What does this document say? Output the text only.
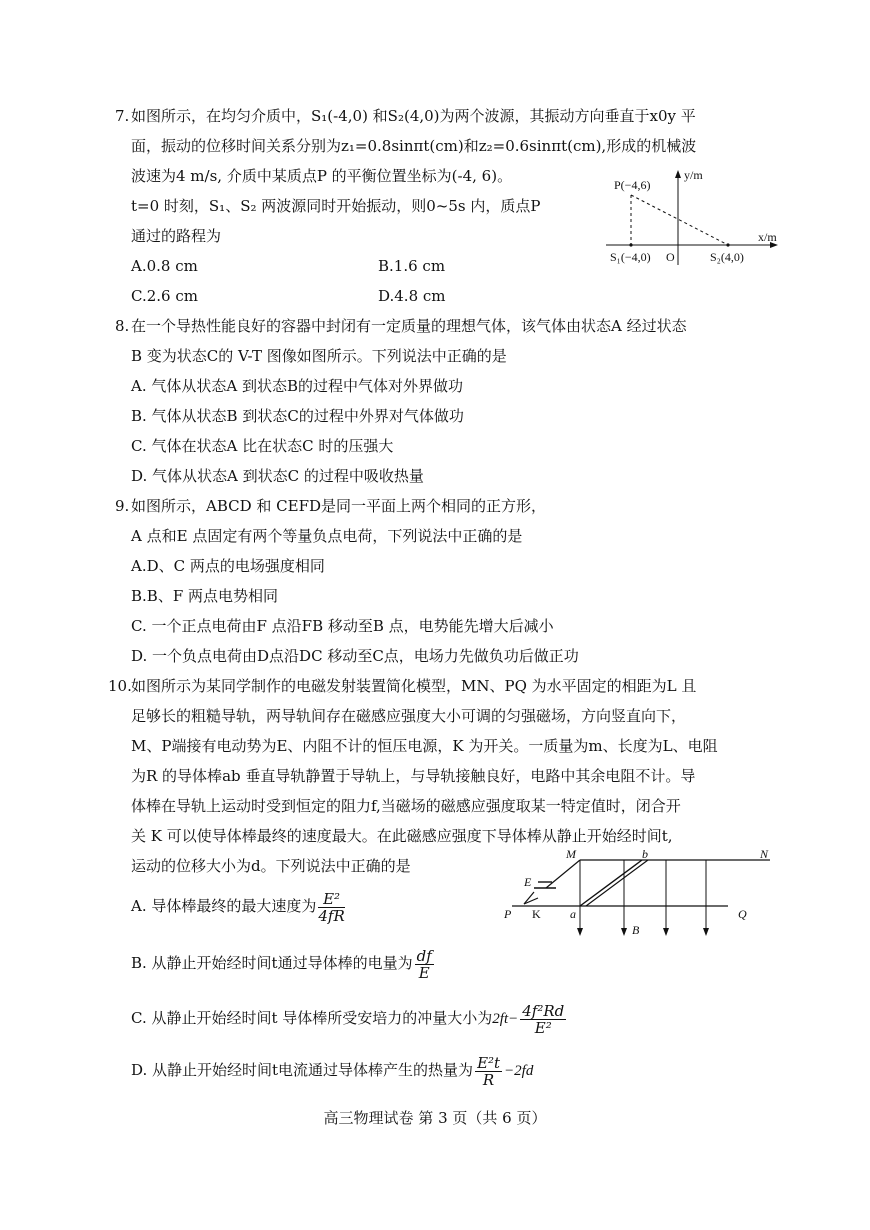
7. 如图所示，在均匀介质中，S₁(-4,0) 和S₂(4,0)为两个波源，其振动方向垂直于x0y 平
面，振动的位移时间关系分别为z₁=0.8sinπt(cm)和z₂=0.6sinπt(cm),形成的机械波
波速为4 m/s, 介质中某质点P 的平衡位置坐标为(-4, 6)。
t=0 时刻，S₁、S₂ 两波源同时开始振动，则0~5s 内，质点P
通过的路程为
A.0.8 cm	B.1.6 cm
C.2.6 cm	D.4.8 cm
P(−4,6)
y/m
x/m
S₁(−4,0) O	S₂(4,0)
8. 在一个导热性能良好的容器中封闭有一定质量的理想气体，该气体由状态A 经过状态
B 变为状态C的 V-T 图像如图所示。下列说法中正确的是
A. 气体从状态A 到状态B的过程中气体对外界做功
B. 气体从状态B 到状态C的过程中外界对气体做功
C. 气体在状态A 比在状态C 时的压强大
D. 气体从状态A 到状态C 的过程中吸收热量
9. 如图所示，ABCD 和 CEFD是同一平面上两个相同的正方形，
A 点和E 点固定有两个等量负点电荷，下列说法中正确的是
A.D、C 两点的电场强度相同
B.B、F 两点电势相同
C. 一个正点电荷由F 点沿FB 移动至B 点，电势能先增大后减小
D. 一个负点电荷由D点沿DC 移动至C点，电场力先做负功后做正功
10. 如图所示为某同学制作的电磁发射装置简化模型，MN、PQ 为水平固定的相距为L 且
足够长的粗糙导轨，两导轨间存在磁感应强度大小可调的匀强磁场，方向竖直向下，
M、P端接有电动势为E、内阻不计的恒压电源，K 为开关。一质量为m、长度为L、电阻
为R 的导体棒ab 垂直导轨静置于导轨上，与导轨接触良好，电路中其余电阻不计。导
体棒在导轨上运动时受到恒定的阻力f,当磁场的磁感应强度取某一特定值时，闭合开
关 K 可以使导体棒最终的速度最大。在此磁感应强度下导体棒从静止开始经时间t,
运动的位移大小为d。下列说法中正确的是
A. 导体棒最终的最大速度为 $\frac{\text{E²}}{4fR}$
B. 从静止开始经时间t通过导体棒的电量为 $\frac{df}{E}$
C. 从静止开始经时间t 导体棒所受安培力的冲量大小为$2ft- \frac{\text{4f²Rd}}{\text{E²}}$
D. 从静止开始经时间t电流通过导体棒产生的热量为 $\frac{\text{E²t}}{R} -2fd$
M	b	N
E
P K a
B
Q
高三物理试卷 第 3 页（共 6 页）
